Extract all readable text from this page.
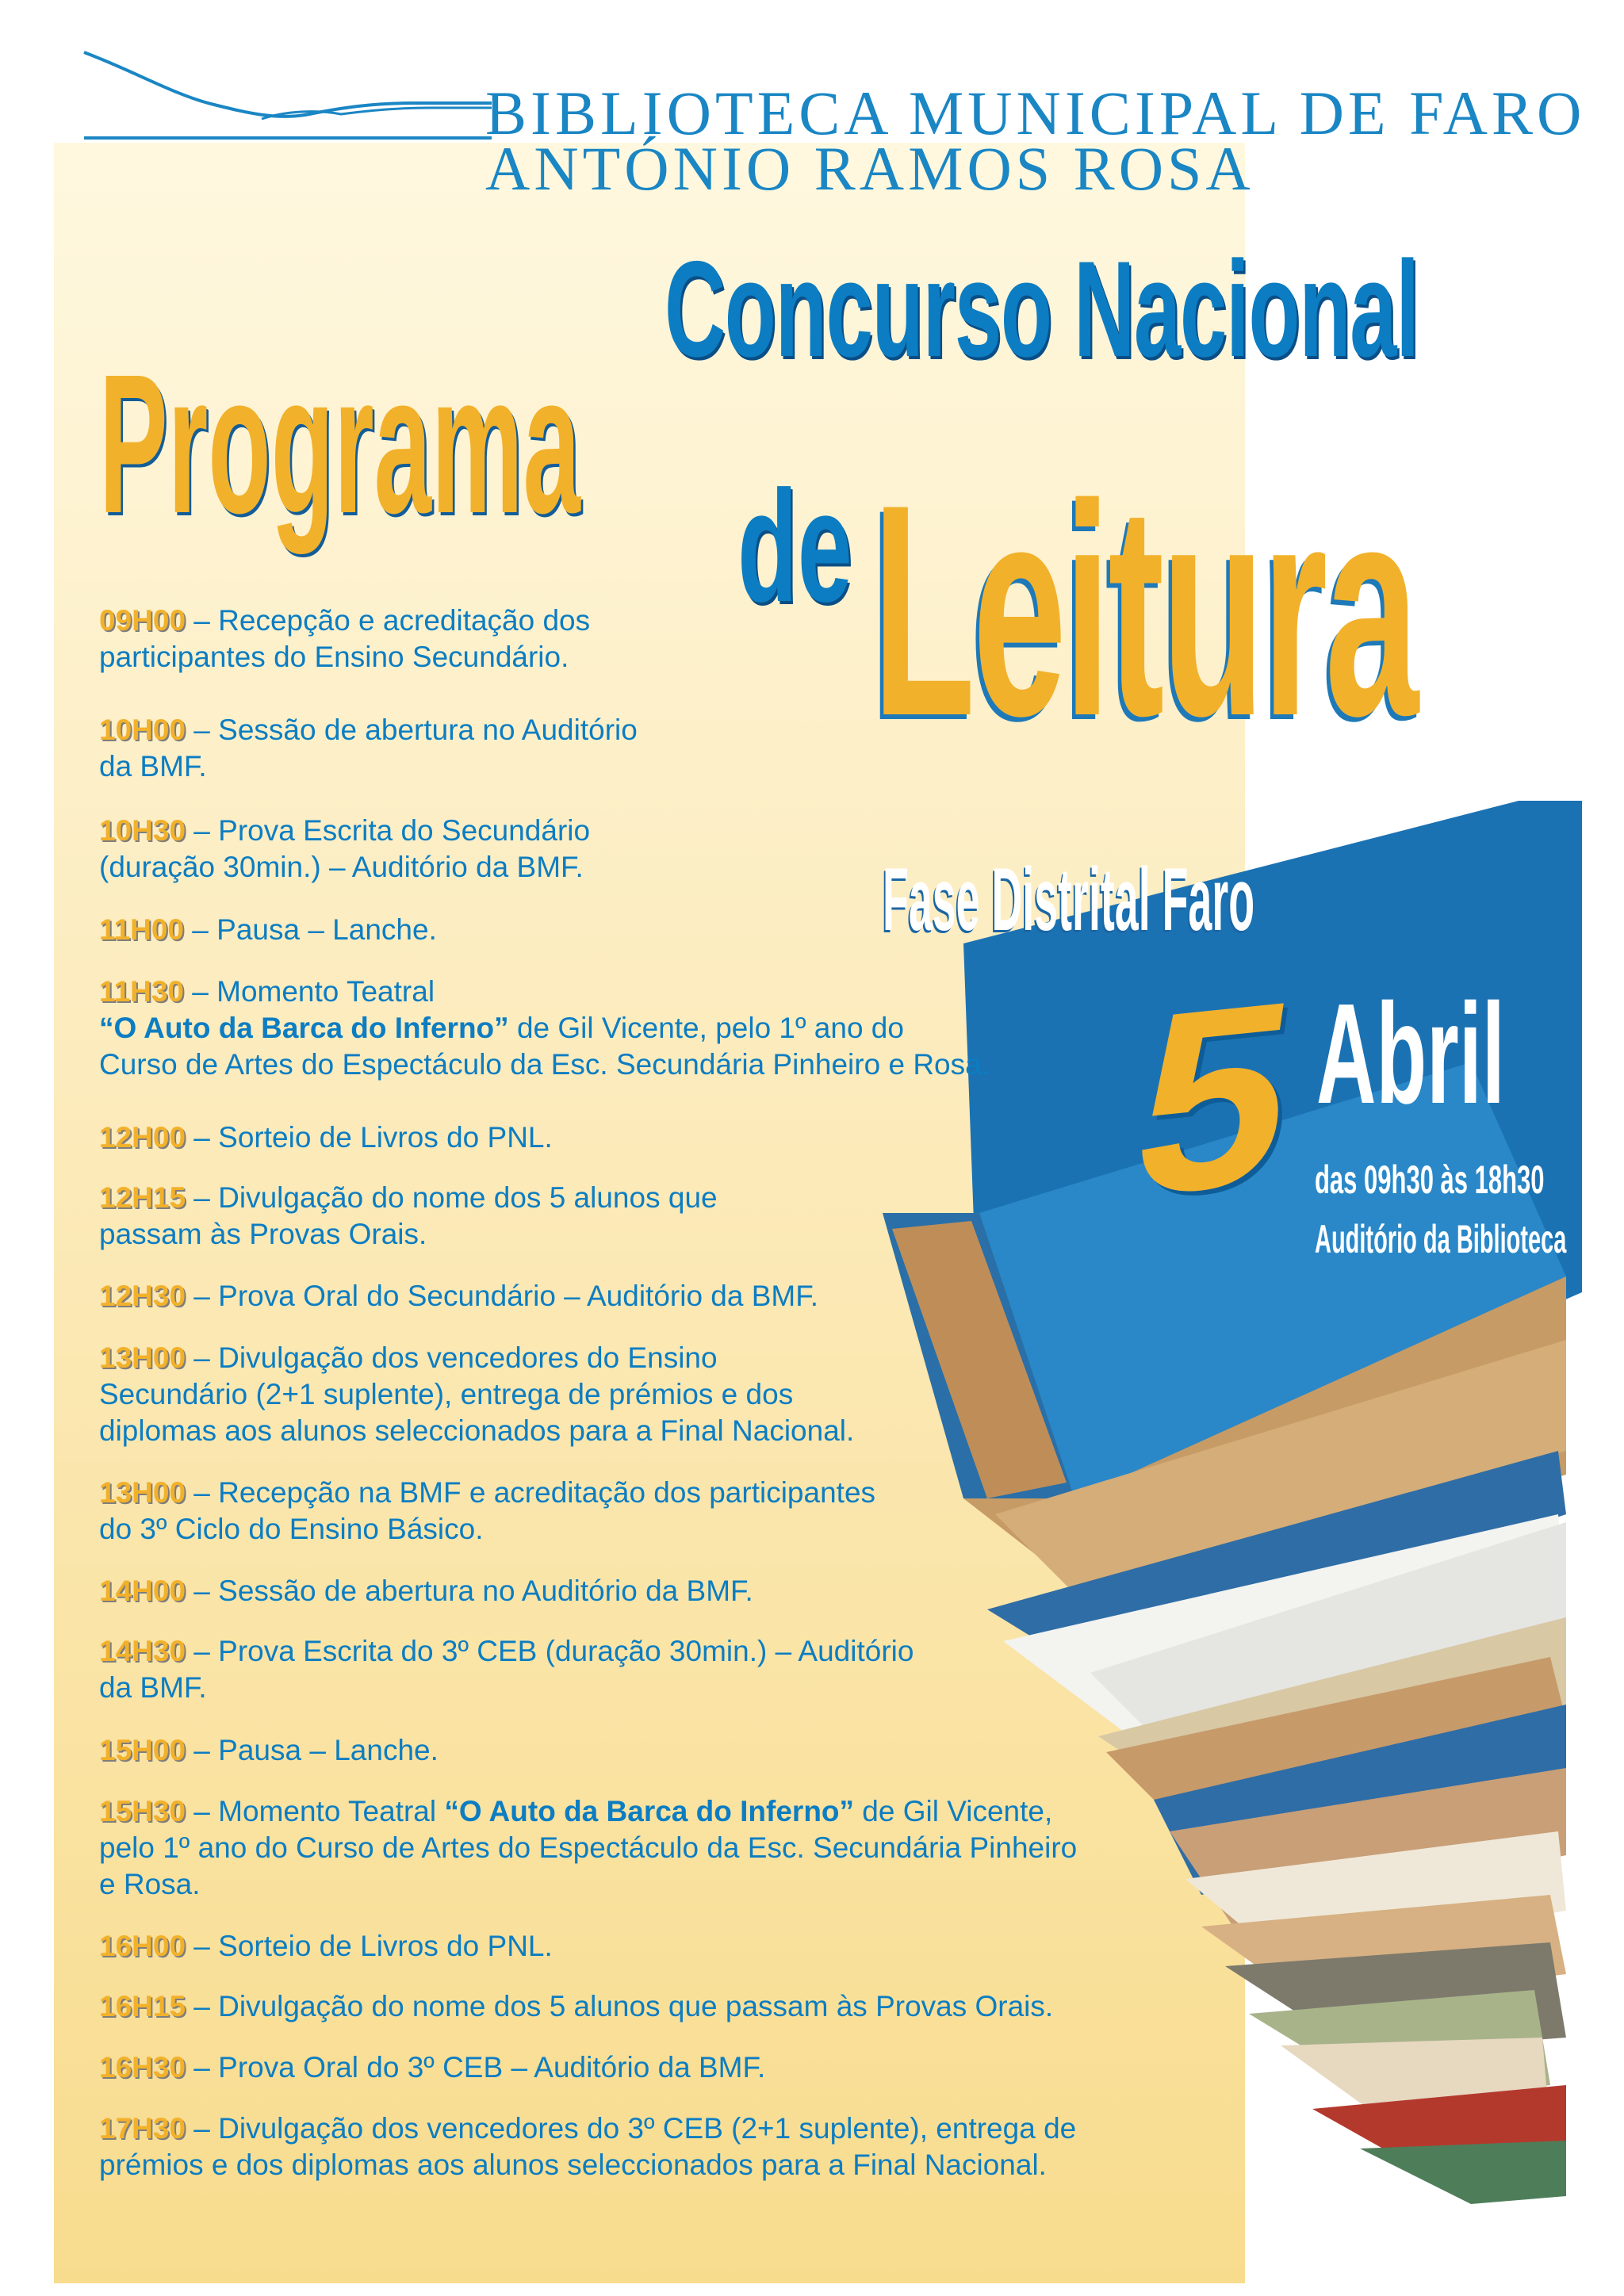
BIBLIOTECA MUNICIPAL DE FARO
ANTÓNIO RAMOS ROSA
Concurso Nacional
de Leitura
Fase Distrital Faro
5 Abril
das 09h30 às 18h30
Auditório da Biblioteca
Programa
09H00 – Recepção e acreditação dos
participantes do Ensino Secundário.
10H00 – Sessão de abertura no Auditório
da BMF.
10H30 – Prova Escrita do Secundário
(duração 30min.) – Auditório da BMF.
11H00 – Pausa – Lanche.
11H30 – Momento Teatral
“O Auto da Barca do Inferno” de Gil Vicente, pelo 1º ano do
Curso de Artes do Espectáculo da Esc. Secundária Pinheiro e Rosa.
12H00 – Sorteio de Livros do PNL.
12H15 – Divulgação do nome dos 5 alunos que
passam às Provas Orais.
12H30 – Prova Oral do Secundário – Auditório da BMF.
13H00 – Divulgação dos vencedores do Ensino
Secundário (2+1 suplente), entrega de prémios e dos
diplomas aos alunos seleccionados para a Final Nacional.
13H00 – Recepção na BMF e acreditação dos participantes
do 3º Ciclo do Ensino Básico.
14H00 – Sessão de abertura no Auditório da BMF.
14H30 – Prova Escrita do 3º CEB (duração 30min.) – Auditório
da BMF.
15H00 – Pausa – Lanche.
15H30 – Momento Teatral “O Auto da Barca do Inferno” de Gil Vicente,
pelo 1º ano do Curso de Artes do Espectáculo da Esc. Secundária Pinheiro
e Rosa.
16H00 – Sorteio de Livros do PNL.
16H15 – Divulgação do nome dos 5 alunos que passam às Provas Orais.
16H30 – Prova Oral do 3º CEB – Auditório da BMF.
17H30 – Divulgação dos vencedores do 3º CEB (2+1 suplente), entrega de
prémios e dos diplomas aos alunos seleccionados para a Final Nacional.
